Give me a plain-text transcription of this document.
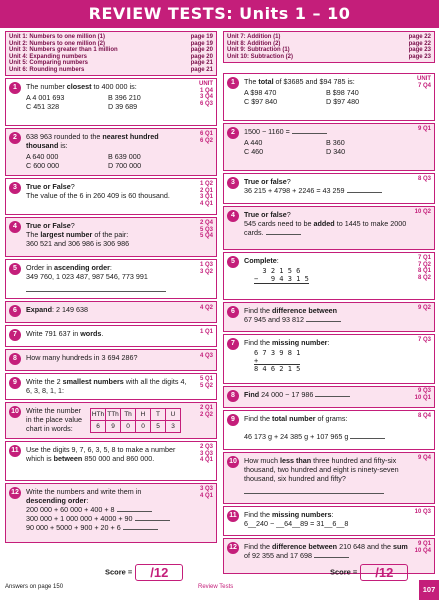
REVIEW TESTS: Units 1 – 10
Unit 1: Numbers to one million (1)	page 19
Unit 2: Numbers to one million (2)	page 19
Unit 3: Numbers greater than 1 million	page 20
Unit 4: Expanding numbers	page 20
Unit 5: Comparing numbers	page 21
Unit 6: Rounding numbers	page 21
1	UNIT
1 Q4
3 Q4
6 Q3
The number closest to 400 000 is:
A 4 001 693	B 396 210
C 451 328	D 39 689
2	6 Q1
6 Q2
638 963 rounded to the nearest hundred thousand is:
A 640 000	B 639 000
C 600 000	D 700 000
3	1 Q2
2 Q1
3 Q1
4 Q1
True or False?
The value of the 6 in 260 409 is 60 thousand.
4	2 Q4
5 Q3
5 Q4
True or False?
The largest number of the pair:
360 521 and 306 986 is 306 986
5	1 Q3
3 Q2
Order in ascending order:
349 760, 1 023 487, 987 546, 773 991
6	4 Q2
Expand: 2 149 638
7	1 Q1
Write 791 637 in words.
8	4 Q3
How many hundreds in 3 694 286?
9	5 Q1
5 Q2
Write the 2 smallest numbers with all the digits 4, 6, 3, 8, 1, 1:
10	2 Q1
2 Q2
Write the number in the place value chart in words:
HTh	TTh	Th	H	T	U
6	9	0	0	5	3
11	2 Q3
3 Q3
4 Q1
Use the digits 9, 7, 6, 3, 5, 8 to make a number which is between 850 000 and 860 000.
12	3 Q3
4 Q1
Write the numbers and write them in
descending order:
200 000 + 60 000 + 400 + 8
300 000 + 1 000 000 + 4000 + 90
90 000 + 5000 + 900 + 20 + 6
Score = /12
Answers on page 150
Unit 7: Addition (1)	page 22
Unit 8: Addition (2)	page 22
Unit 9: Subtraction (1)	page 23
Unit 10: Subtraction (2)	page 23
1	UNIT
7 Q4
The total of $3685 and $94 785 is:
A $98 470	B $98 740
C $97 840	D $97 480
2	9 Q1
1500 − 1160 =
A 440	B 360
C 460	D 340
3	8 Q3
True or false?
36 215 + 4798 + 2246 = 43 259
4	10 Q2
True or false?
545 cards need to be added to 1445 to make 2000 cards.
5	7 Q1
7 Q2
8 Q1
8 Q2
Complete:
3 2 1 5 6
−   9 4 3 1 5
6	9 Q2
Find the difference between
67 945 and 93 812
7	7 Q3
Find the missing number:
6 7 3 9 8 1
+
8 4 6 2 1 5
8
9 Q3
10 Q1
Find 24 000 − 17 986
9	8 Q4
Find the total number of grams:

46 173 g + 24 385 g + 107 965 g
10	9 Q4
How much less than three hundred and fifty-six thousand, two hundred and eight is ninety-seven thousand, six hundred and fifty?
11	10 Q3
Find the missing numbers:
6__240 − __64__89 = 31__6__8
12	9 Q1
10 Q4
Find the difference between 210 648 and the sum of 92 355 and 17 698
Score = /12
Review Tests	107
